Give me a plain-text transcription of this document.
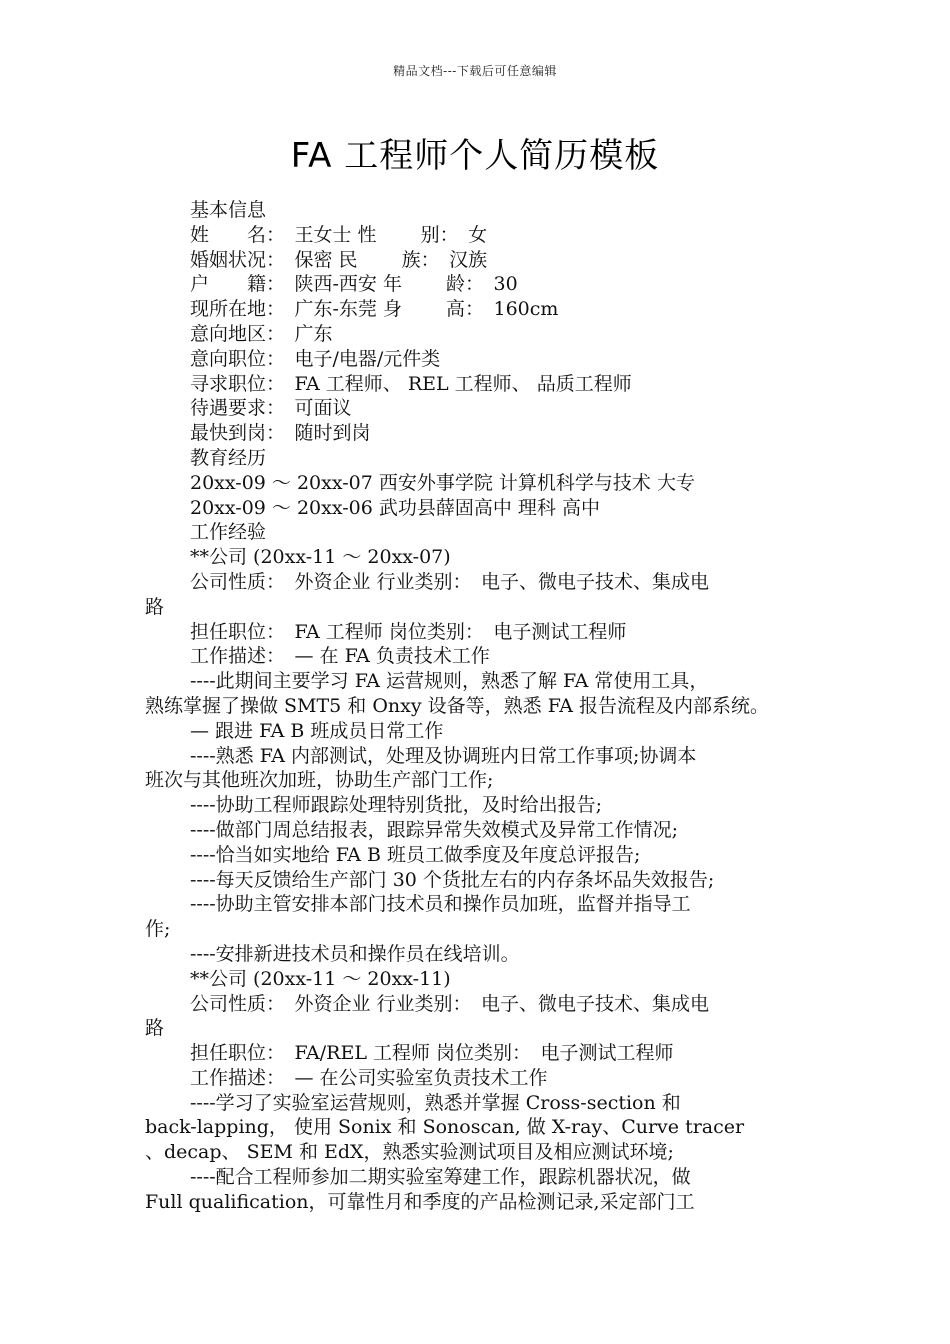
精品文档---下载后可任意编辑
FA 工程师个人简历模板

基本信息

姓　　名：　王女士 性　　 别：　女

婚姻状况：　保密 民　　 族：　汉族

户　　籍：　陕西-西安 年　　 龄：　30

现所在地：　广东-东莞 身　　 高：　160cm

意向地区：　广东

意向职位：　电子/电器/元件类

寻求职位：　FA 工程师、 REL 工程师、 品质工程师

待遇要求：　可面议

最快到岗：　随时到岗

教育经历

20xx-09 ～ 20xx-07 西安外事学院 计算机科学与技术 大专

20xx-09 ～ 20xx-06 武功县薛固高中 理科 高中

工作经验

**公司 (20xx-11 ～ 20xx-07)

公司性质：　外资企业 行业类别：　电子、微电子技术、集成电

路

担任职位：　FA 工程师 岗位类别：　电子测试工程师

工作描述：　— 在 FA 负责技术工作

----此期间主要学习 FA 运营规则，熟悉了解 FA 常使用工具，

熟练掌握了操做 SMT5 和 Onxy 设备等，熟悉 FA 报告流程及内部系统。

— 跟进 FA B 班成员日常工作

----熟悉 FA 内部测试，处理及协调班内日常工作事项;协调本

班次与其他班次加班，协助生产部门工作;

----协助工程师跟踪处理特别货批，及时给出报告;

----做部门周总结报表，跟踪异常失效模式及异常工作情况;

----恰当如实地给 FA B 班员工做季度及年度总评报告;

----每天反馈给生产部门 30 个货批左右的内存条坏品失效报告;

----协助主管安排本部门技术员和操作员加班，监督并指导工

作;

----安排新进技术员和操作员在线培训。

**公司 (20xx-11 ～ 20xx-11)

公司性质：　外资企业 行业类别：　电子、微电子技术、集成电

路

担任职位：　FA/REL 工程师 岗位类别：　电子测试工程师

工作描述：　— 在公司实验室负责技术工作

----学习了实验室运营规则，熟悉并掌握 Cross-section 和

back-lapping， 使用 Sonix 和 Sonoscan, 做 X-ray、Curve tracer

、decap、 SEM 和 EdX，熟悉实验测试项目及相应测试环境;

----配合工程师参加二期实验室筹建工作，跟踪机器状况，做

Full qualification，可靠性月和季度的产品检测记录,采定部门工
